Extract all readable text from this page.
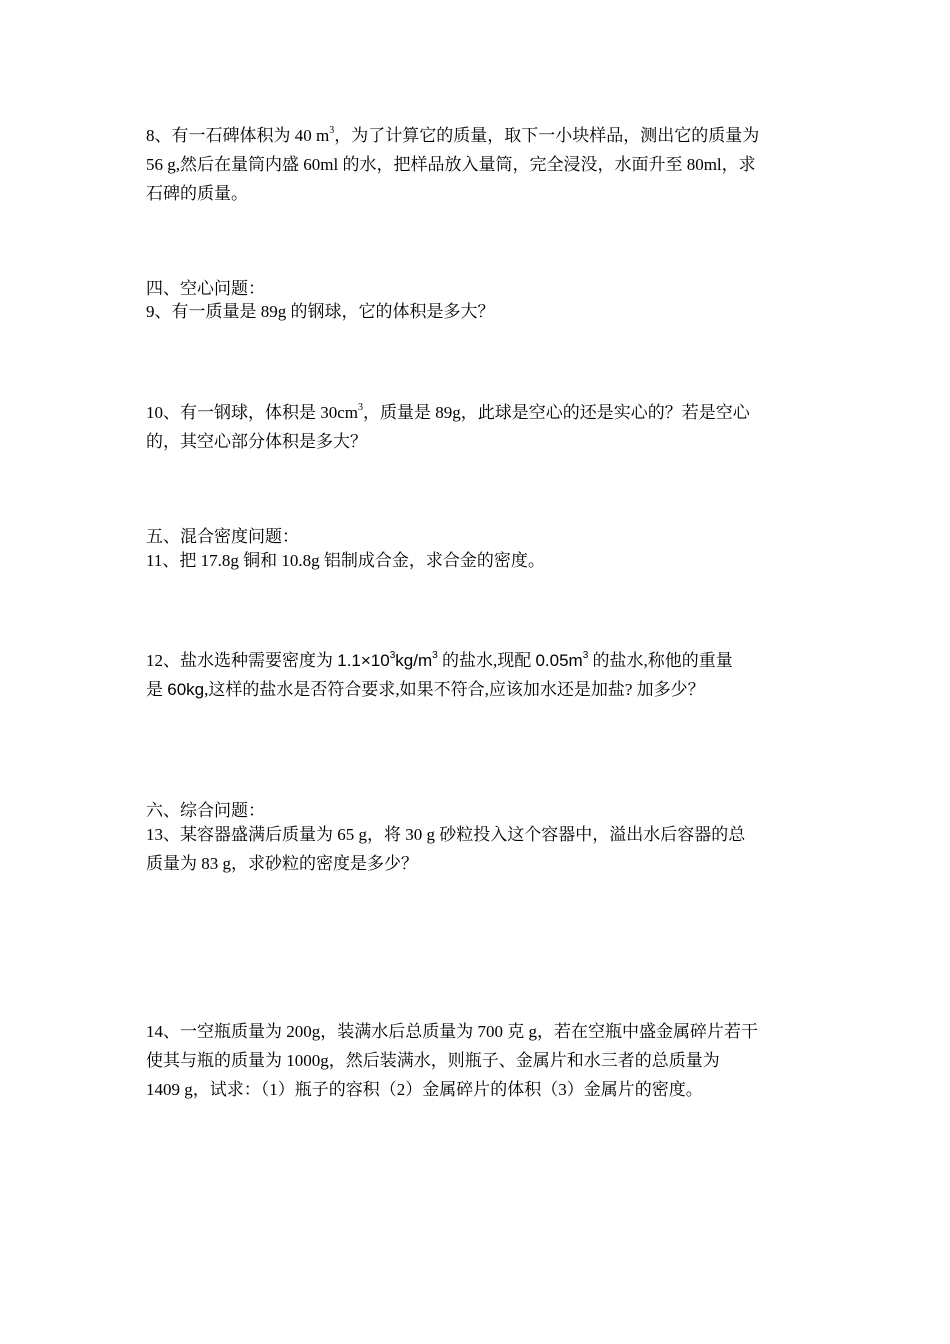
8、有一石碑体积为 40 $m^3$，为了计算它的质量，取下一小块样品，测出它的质量为
56 g,然后在量筒内盛 60ml 的水，把样品放入量筒，完全浸没，水面升至 80ml，求
石碑的质量。
四、空心问题：
9、有一质量是 89g 的钢球，它的体积是多大？
10、有一钢球，体积是 $30cm^3$，质量是 89g，此球是空心的还是实心的？若是空心
的，其空心部分体积是多大？
五、混合密度问题：
11、把 17.8g 铜和 10.8g 铝制成合金，求合金的密度。
12、盐水选种需要密度为 $1.1\times 10^3kg/m^3$ 的盐水,现配 $0.05m^3$ 的盐水,称他的重量
是 60kg,这样的盐水是否符合要求,如果不符合,应该加水还是加盐? 加多少？
六、综合问题：
13、某容器盛满后质量为 65 g，将 30 g 砂粒投入这个容器中，溢出水后容器的总
质量为 83 g，求砂粒的密度是多少？
14、一空瓶质量为 200g，装满水后总质量为 700 克 g，若在空瓶中盛金属碎片若干
使其与瓶的质量为 1000g，然后装满水，则瓶子、金属片和水三者的总质量为
1409 g，试求：（1）瓶子的容积（2）金属碎片的体积（3）金属片的密度。
